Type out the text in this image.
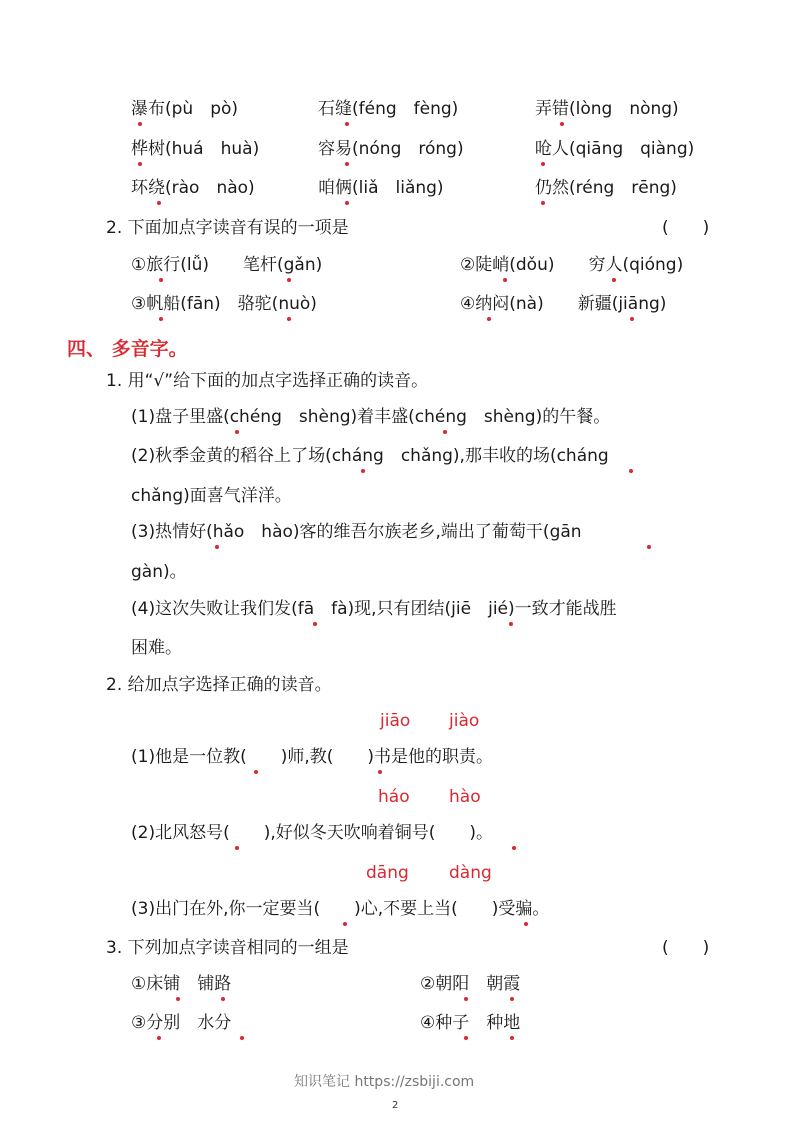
瀑布(pù　pò)	石缝(féng　fèng)	弄错(lòng　nòng)
桦树(huá　huà)	容易(nóng　róng)	呛人(qiāng　qiàng)
环绕(rào　nào)	咱俩(liǎ　liǎng)	仍然(réng　rēng)
2. 下面加点字读音有误的一项是	(　　)
①旅行(lǚ)　　笔杆(gǎn)	②陡峭(dǒu)　　穷人(qióng)
③帆船(fān)　骆驼(nuò)	④纳闷(nà)　　新疆(jiāng)
四、 多音字。
1. 用“√”给下面的加点字选择正确的读音。
(1)盘子里盛(chéng　shèng)着丰盛(chéng　shèng)的午餐。
(2)秋季金黄的稻谷上了场(cháng　chǎng),那丰收的场(cháng
chǎng)面喜气洋洋。
(3)热情好(hǎo　hào)客的维吾尔族老乡,端出了葡萄干(gān
gàn)。
(4)这次失败让我们发(fā　fà)现,只有团结(jiē　jié)一致才能战胜
困难。
2. 给加点字选择正确的读音。
jiāo jiào
(1)他是一位教(　　)师,教(　　)书是他的职责。
háo hào
(2)北风怒号(　　),好似冬天吹响着铜号(　　)。
dāng dàng
(3)出门在外,你一定要当(　　)心,不要上当(　　)受骗。
3. 下列加点字读音相同的一组是	(　　)
①床铺　铺路	②朝阳　朝霞
③分别　水分	④种子　种地
知识笔记 https://zsbiji.com
2
